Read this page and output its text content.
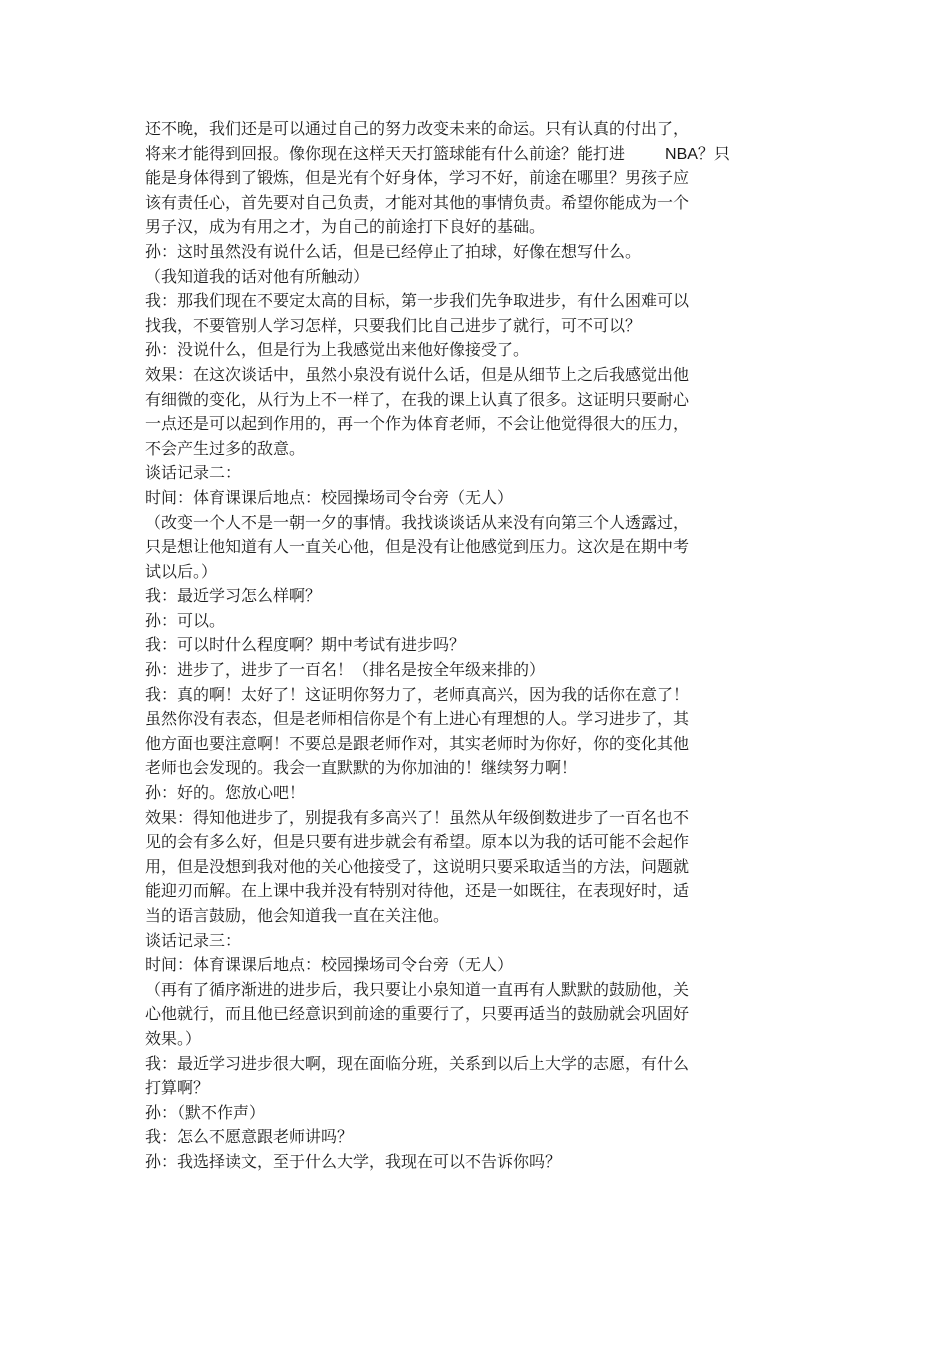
还不晚，我们还是可以通过自己的努力改变未来的命运。只有认真的付出了，
将来才能得到回报。像你现在这样天天打篮球能有什么前途？能打进	NBA？只
能是身体得到了锻炼，但是光有个好身体，学习不好，前途在哪里？男孩子应
该有责任心，首先要对自己负责，才能对其他的事情负责。希望你能成为一个
男子汉，成为有用之才，为自己的前途打下良好的基础。
孙：这时虽然没有说什么话，但是已经停止了拍球，好像在想写什么。
（我知道我的话对他有所触动）
我：那我们现在不要定太高的目标，第一步我们先争取进步，有什么困难可以
找我，不要管别人学习怎样，只要我们比自己进步了就行，可不可以？
孙：没说什么，但是行为上我感觉出来他好像接受了。
效果：在这次谈话中，虽然小泉没有说什么话，但是从细节上之后我感觉出他
有细微的变化，从行为上不一样了，在我的课上认真了很多。这证明只要耐心
一点还是可以起到作用的，再一个作为体育老师，不会让他觉得很大的压力，
不会产生过多的敌意。
谈话记录二：
时间：体育课课后地点：校园操场司令台旁（无人）
（改变一个人不是一朝一夕的事情。我找谈谈话从来没有向第三个人透露过，
只是想让他知道有人一直关心他，但是没有让他感觉到压力。这次是在期中考
试以后。）
我：最近学习怎么样啊？
孙：可以。
我：可以时什么程度啊？期中考试有进步吗？
孙：进步了，进步了一百名！（排名是按全年级来排的）
我：真的啊！太好了！这证明你努力了，老师真高兴，因为我的话你在意了！
虽然你没有表态，但是老师相信你是个有上进心有理想的人。学习进步了，其
他方面也要注意啊！不要总是跟老师作对，其实老师时为你好，你的变化其他
老师也会发现的。我会一直默默的为你加油的！继续努力啊！
孙：好的。您放心吧！
效果：得知他进步了，别提我有多高兴了！虽然从年级倒数进步了一百名也不
见的会有多么好，但是只要有进步就会有希望。原本以为我的话可能不会起作
用，但是没想到我对他的关心他接受了，这说明只要采取适当的方法，问题就
能迎刃而解。在上课中我并没有特别对待他，还是一如既往，在表现好时，适
当的语言鼓励，他会知道我一直在关注他。
谈话记录三：
时间：体育课课后地点：校园操场司令台旁（无人）
（再有了循序渐进的进步后，我只要让小泉知道一直再有人默默的鼓励他，关
心他就行，而且他已经意识到前途的重要行了，只要再适当的鼓励就会巩固好
效果。）
我：最近学习进步很大啊，现在面临分班，关系到以后上大学的志愿，有什么
打算啊？
孙：（默不作声）
我：怎么不愿意跟老师讲吗？
孙：我选择读文，至于什么大学，我现在可以不告诉你吗？
